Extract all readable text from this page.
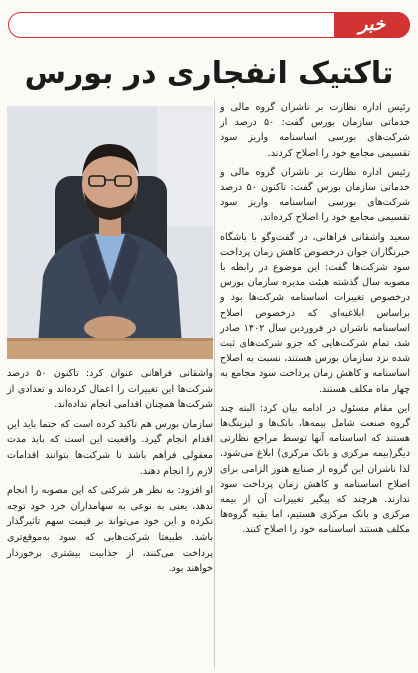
خبر
تاکتیک انفجاری در بورس

رئیس اداره نظارت بر ناشران گروه مالی و خدماتی سازمان بورس گفت: ۵۰ درصد از شرکت‌های بورسی اساسنامه واریز سود تقسیمی مجامع خود را اصلاح کردند.

رئیس اداره نظارت بر ناشران گروه مالی و خدماتی سازمان بورس گفت: تاکنون ۵۰ درصد شرکت‌های بورسی اساسنامه واریز سود تقسیمی مجامع خود را اصلاح کرده‌اند.

سعید واشقانی فراهانی، در گفت‌وگو با باشگاه خبرنگاران جوان درخصوص کاهش زمان پرداخت سود شرکت‌ها گفت: این موضوع در رابطه با مصوبه سال گذشته هیئت مدیره سازمان بورس درخصوص تغییرات اساسنامه شرکت‌ها بود و براساس ابلاغیه‌ای که درخصوص اصلاح اساسنامه ناشران در فروردین سال ۱۴۰۲ صادر شد، تمام شرکت‌هایی که جزو شرکت‌های ثبت شده نزد سازمان بورس هستند، نسبت به اصلاح اساسنامه و کاهش زمان پرداخت سود مجامع به چهار ماه مکلف هستند.

این مقام مسئول در ادامه بیان کرد: البته چند گروه صنعت شامل بیمه‌ها، بانک‌ها و لیزینگ‌ها هستند که اساسنامه آنها توسط مراجع نظارتی دیگر(بیمه مرکزی و بانک مرکزی) ابلاغ می‌شود. لذا ناشران این گروه از صنایع هنوز الزامی برای اصلاح اساسنامه و کاهش زمان پرداخت سود ندارند. هرچند که پیگیر تغییرات آن از بیمه مرکزی و بانک مرکزی هستیم، اما بقیه گروه‌ها مکلف هستند اساسنامه خود را اصلاح کنند.

واشقانی فراهانی عنوان کرد: تاکنون ۵۰ درصد شرکت‌ها این تغییرات را اعمال کرده‌اند و تعدادی از شرکت‌ها همچنان اقدامی انجام نداده‌اند.

سازمان بورس هم تاکید کرده است که حتما باید این اقدام انجام گیرد. واقعیت این است که باید مدت معقولی فراهم باشد تا شرکت‌ها بتوانند اقدامات لازم را انجام دهند.

او افزود: به نظر هر شرکتی که این مصوبه را انجام ندهد، یعنی به نوعی به سهامداران خرد خود توجه نکرده و این خود می‌تواند بر قیمت سهم تاثیرگذار باشد. طبیعتا شرکت‌هایی که سود به‌موقع‌تری پرداخت می‌کنند، از جذابیت بیشتری برخوردار خواهند بود.
